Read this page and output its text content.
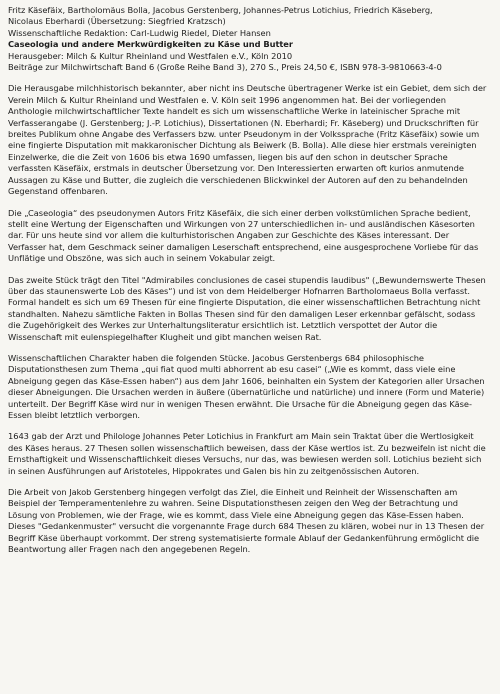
Fritz Käsefäix, Bartholomäus Bolla, Jacobus Gerstenberg, Johannes-Petrus Lotichius, Friedrich Käseberg,

Nicolaus Eberhardi (Übersetzung: Siegfried Kratzsch)

Wissenschaftliche Redaktion: Carl-Ludwig Riedel, Dieter Hansen

Caseologia und andere Merkwürdigkeiten zu Käse und Butter

Herausgeber: Milch & Kultur Rheinland und Westfalen e.V., Köln 2010

Beiträge zur Milchwirtschaft Band 6 (Große Reihe Band 3), 270 S., Preis 24,50 €, ISBN 978-3-9810663-4-0

Die Herausgabe milchhistorisch bekannter, aber nicht ins Deutsche übertragener Werke ist ein Gebiet, dem sich der Verein Milch & Kultur Rheinland und Westfalen e. V. Köln seit 1996 angenommen hat. Bei der vorliegenden Anthologie milchwirtschaftlicher Texte handelt es sich um wissenschaftliche Werke in lateinischer Sprache mit Verfasserangabe (J. Gerstenberg; J.-P. Lotichius), Dissertationen (N. Eberhardi; Fr. Käseberg) und Druckschriften für breites Publikum ohne Angabe des Verfassers bzw. unter Pseudonym in der Volkssprache (Fritz Käsefäix) sowie um eine fingierte Disputation mit makkaronischer Dichtung als Beiwerk (B. Bolla). Alle diese hier erstmals vereinigten Einzelwerke, die die Zeit von 1606 bis etwa 1690 umfassen, liegen bis auf den schon in deutscher Sprache verfassten Käsefäix, erstmals in deutscher Übersetzung vor. Den Interessierten erwarten oft kurios anmutende Aussagen zu Käse und Butter, die zugleich die verschiedenen Blickwinkel der Autoren auf den zu behandelnden Gegenstand offenbaren.

Die „Caseologia“ des pseudonymen Autors Fritz Käsefäix, die sich einer derben volkstümlichen Sprache bedient, stellt eine Wertung der Eigenschaften und Wirkungen von 27 unterschiedlichen in- und ausländischen Käsesorten dar. Für uns heute sind vor allem die kulturhistorischen Angaben zur Geschichte des Käses interessant. Der Verfasser hat, dem Geschmack seiner damaligen Leserschaft entsprechend, eine ausgesprochene Vorliebe für das Unflätige und Obszöne, was sich auch in seinem Vokabular zeigt.

Das zweite Stück trägt den Titel "Admirabiles conclusiones de casei stupendis laudibus" („Bewundernswerte Thesen über das staunenswerte Lob des Käses“) und ist von dem Heidelberger Hofnarren Bartholomaeus Bolla verfasst. Formal handelt es sich um 69 Thesen für eine fingierte Disputation, die einer wissenschaftlichen Betrachtung nicht standhalten. Nahezu sämtliche Fakten in Bollas Thesen sind für den damaligen Leser erkennbar gefälscht, sodass die Zugehörigkeit des Werkes zur Unterhaltungsliteratur ersichtlich ist. Letztlich verspottet der Autor die Wissenschaft mit eulenspiegelhafter Klugheit und gibt manchen weisen Rat.

Wissenschaftlichen Charakter haben die folgenden Stücke. Jacobus Gerstenbergs 684 philosophische Disputationsthesen zum Thema „qui fiat quod multi abhorrent ab esu casei“ („Wie es kommt, dass viele eine Abneigung gegen das Käse-Essen haben“) aus dem Jahr 1606, beinhalten ein System der Kategorien aller Ursachen dieser Abneigungen. Die Ursachen werden in äußere (übernatürliche und natürliche) und innere (Form und Materie) unterteilt. Der Begriff Käse wird nur in wenigen Thesen erwähnt. Die Ursache für die Abneigung gegen das Käse-Essen bleibt letztlich verborgen.

1643 gab der Arzt und Philologe Johannes Peter Lotichius in Frankfurt am Main sein Traktat über die Wertlosigkeit des Käses heraus. 27 Thesen sollen wissenschaftlich beweisen, dass der Käse wertlos ist. Zu bezweifeln ist nicht die Ernsthaftigkeit und Wissenschaftlichkeit dieses Versuchs, nur das, was bewiesen werden soll. Lotichius bezieht sich in seinen Ausführungen auf Aristoteles, Hippokrates und Galen bis hin zu zeitgenössischen Autoren.

Die Arbeit von Jakob Gerstenberg hingegen verfolgt das Ziel, die Einheit und Reinheit der Wissenschaften am Beispiel der Temperamentenlehre zu wahren. Seine Disputationsthesen zeigen den Weg der Betrachtung und Lösung von Problemen, wie der Frage, wie es kommt, dass Viele eine Abneigung gegen das Käse-Essen haben. Dieses "Gedankenmuster" versucht die vorgenannte Frage durch 684 Thesen zu klären, wobei nur in 13 Thesen der Begriff Käse überhaupt vorkommt. Der streng systematisierte formale Ablauf der Gedankenführung ermöglicht die Beantwortung aller Fragen nach den angegebenen Regeln.
